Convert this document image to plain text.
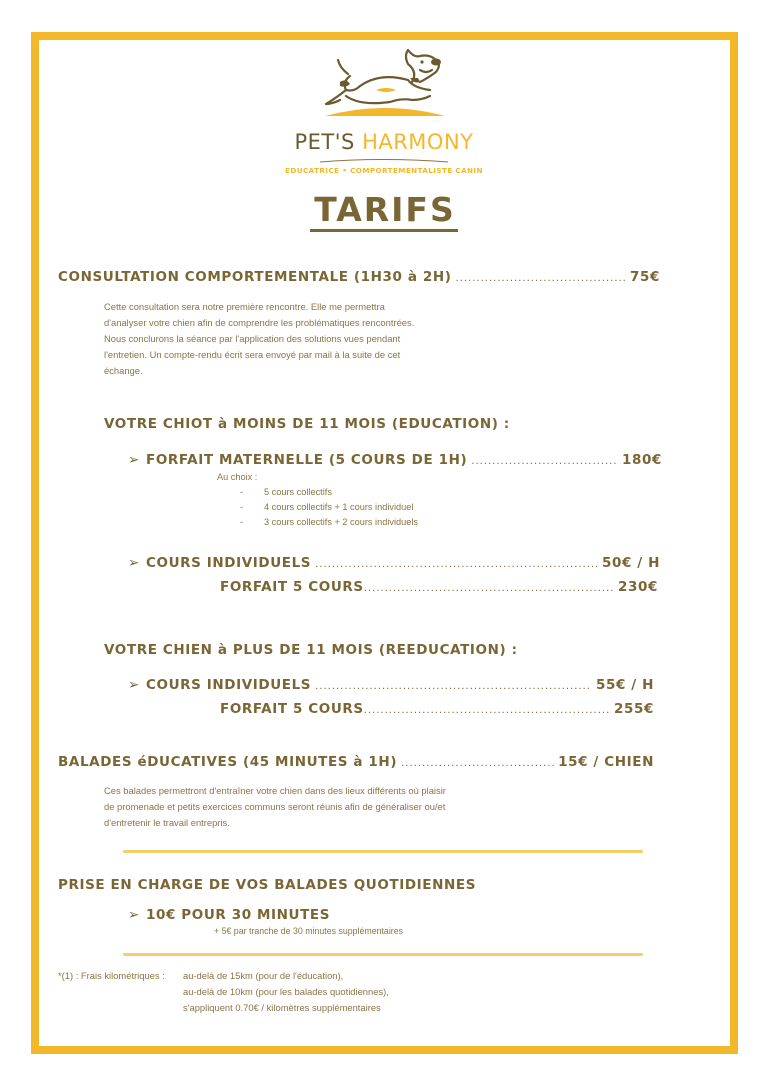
PET'S HARMONY
EDUCATRICE • COMPORTEMENTALISTE CANIN
TARIFS
CONSULTATION COMPORTEMENTALE (1H30 à 2H) .....	75€
Cette consultation sera notre première rencontre. Elle me permettra
d'analyser votre chien afin de comprendre les problématiques rencontrées.
Nous conclurons la séance par l'application des solutions vues pendant
l'entretien. Un compte-rendu écrit sera envoyé par mail à la suite de cet
échange.
VOTRE CHIOT à MOINS DE 11 MOIS (EDUCATION) :
➢ FORFAIT MATERNELLE (5 COURS DE 1H) .....	180€
Au choix :
- 5 cours collectifs
- 4 cours collectifs + 1 cours individuel
- 3 cours collectifs + 2 cours individuels
➢ COURS INDIVIDUELS .....	50€ / H
FORFAIT 5 COURS .....	230€
VOTRE CHIEN à PLUS DE 11 MOIS (REEDUCATION) :
➢ COURS INDIVIDUELS .....	55€ / H
FORFAIT 5 COURS .....	255€
BALADES éDUCATIVES (45 MINUTES à 1H) .....	15€ / CHIEN
Ces balades permettront d'entraîner votre chien dans des lieux différents où plaisir
de promenade et petits exercices communs seront réunis afin de généraliser ou/et
d'entretenir le travail entrepris.
PRISE EN CHARGE DE VOS BALADES QUOTIDIENNES
➢ 10€ POUR 30 MINUTES
+ 5€ par tranche de 30 minutes supplémentaires
*(1) : Frais kilométriques : au-delà de 15km (pour de l'éducation),
au-delà de 10km (pour les balades quotidiennes),
s'appliquent 0.70€ / kilomètres supplémentaires
